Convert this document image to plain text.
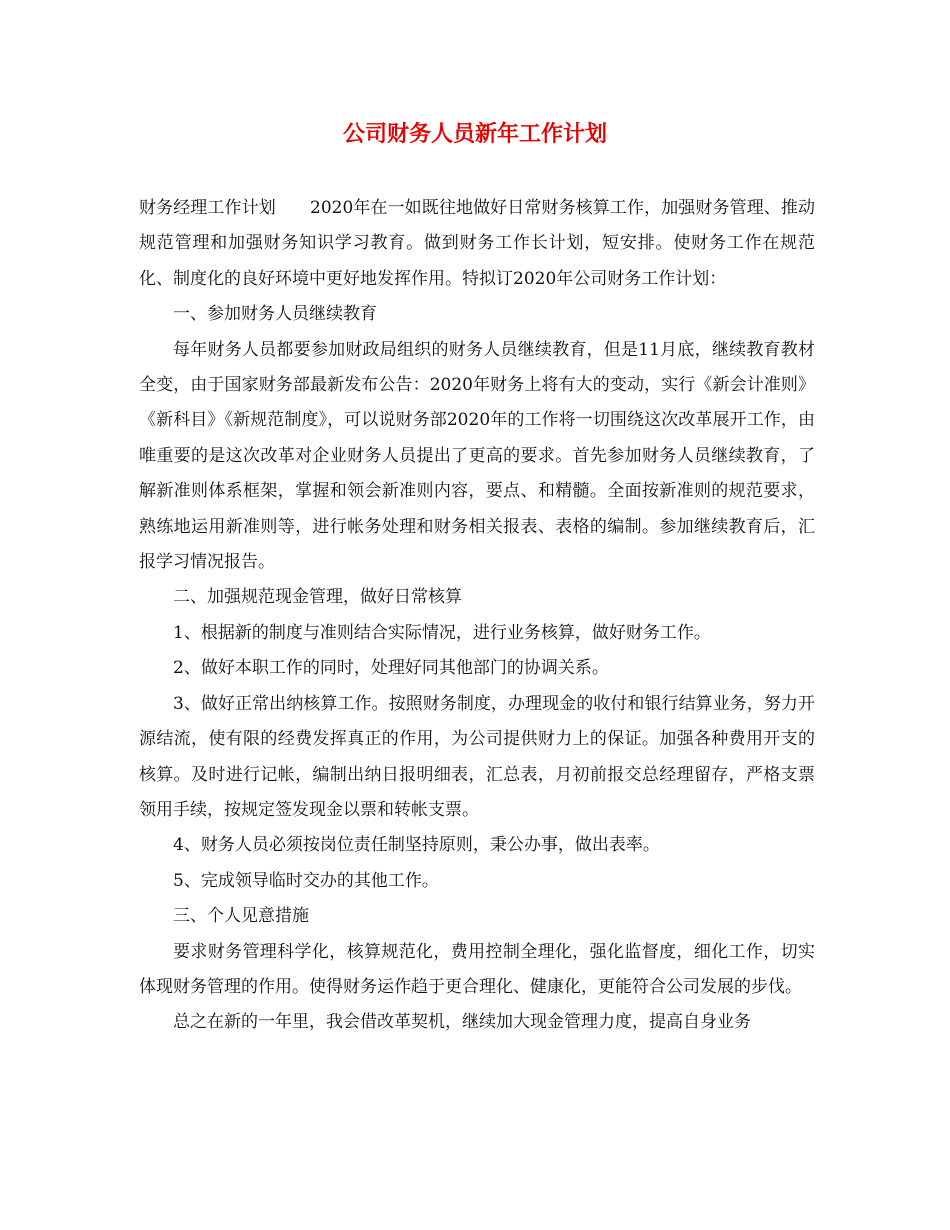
公司财务人员新年工作计划

财务经理工作计划　　2020年在一如既往地做好日常财务核算工作，加强财务管理、推动规范管理和加强财务知识学习教育。做到财务工作长计划，短安排。使财务工作在规范化、制度化的良好环境中更好地发挥作用。特拟订2020年公司财务工作计划：

一、参加财务人员继续教育

每年财务人员都要参加财政局组织的财务人员继续教育，但是11月底，继续教育教材全变，由于国家财务部最新发布公告：2020年财务上将有大的变动，实行《新会计准则》《新科目》《新规范制度》，可以说财务部2020年的工作将一切围绕这次改革展开工作，由唯重要的是这次改革对企业财务人员提出了更高的要求。首先参加财务人员继续教育，了解新准则体系框架，掌握和领会新准则内容，要点、和精髓。全面按新准则的规范要求，熟练地运用新准则等，进行帐务处理和财务相关报表、表格的编制。参加继续教育后，汇报学习情况报告。

二、加强规范现金管理，做好日常核算

1、根据新的制度与准则结合实际情况，进行业务核算，做好财务工作。

2、做好本职工作的同时，处理好同其他部门的协调关系。

3、做好正常出纳核算工作。按照财务制度，办理现金的收付和银行结算业务，努力开源结流，使有限的经费发挥真正的作用，为公司提供财力上的保证。加强各种费用开支的核算。及时进行记帐，编制出纳日报明细表，汇总表，月初前报交总经理留存，严格支票领用手续，按规定签发现金以票和转帐支票。

4、财务人员必须按岗位责任制坚持原则，秉公办事，做出表率。

5、完成领导临时交办的其他工作。

三、个人见意措施

要求财务管理科学化，核算规范化，费用控制全理化，强化监督度，细化工作，切实体现财务管理的作用。使得财务运作趋于更合理化、健康化，更能符合公司发展的步伐。

总之在新的一年里，我会借改革契机，继续加大现金管理力度，提高自身业务
